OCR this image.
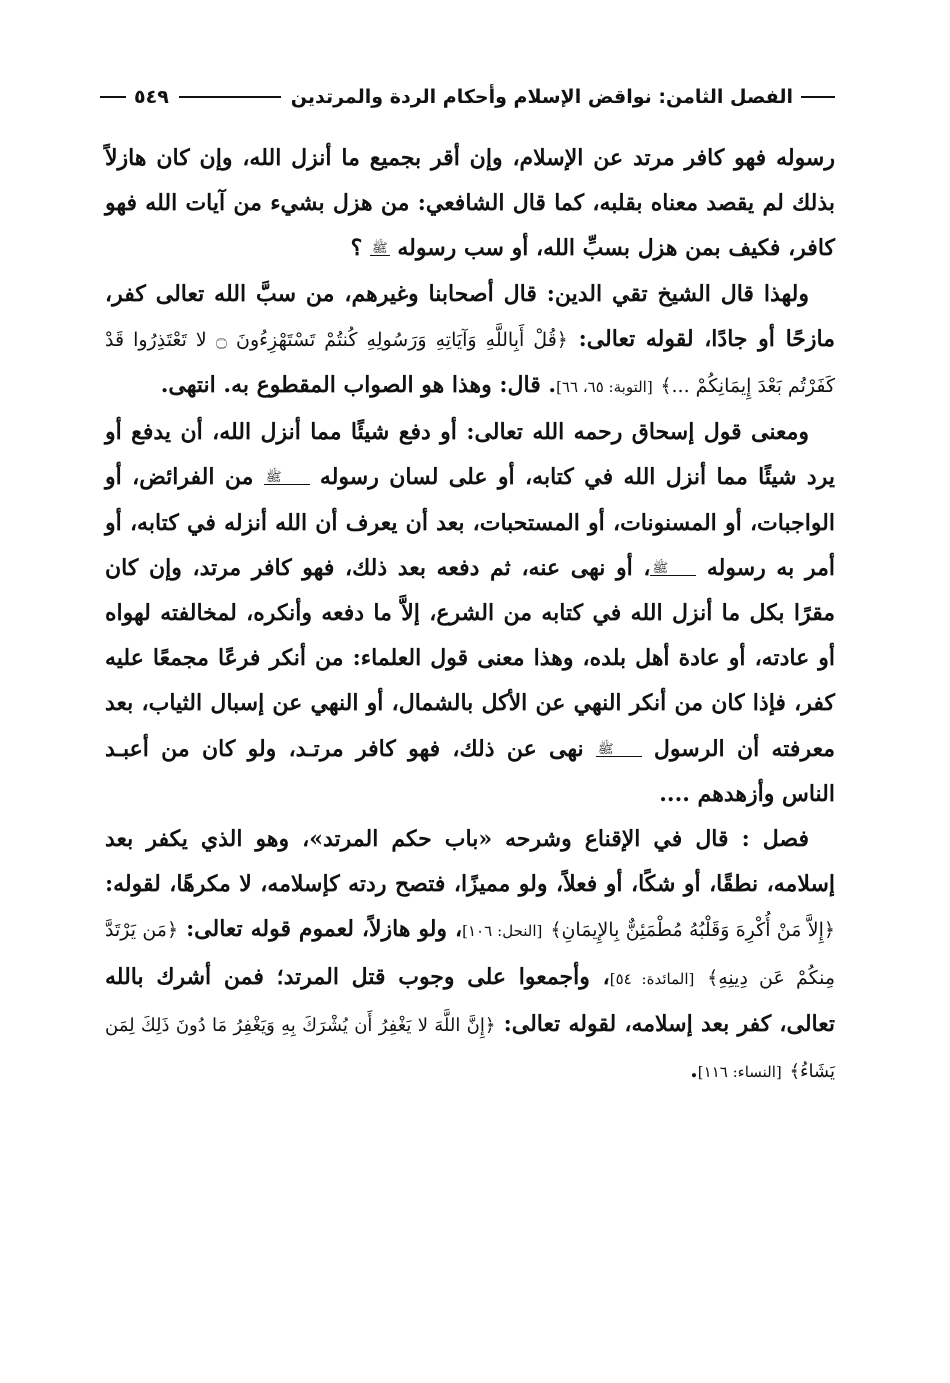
الفصل الثامن: نواقض الإسلام وأحكام الردة والمرتدين
٥٤٩

رسوله فهو كافر مرتد عن الإسلام، وإن أقر بجميع ما أنزل الله، وإن كان هازلاً بذلك لم يقصد معناه بقلبه، كما قال الشافعي: من هزل بشيء من آيات الله فهو كافر، فكيف بمن هزل بسبِّ الله، أو سب رسوله ﷺ ؟

ولهذا قال الشيخ تقي الدين: قال أصحابنا وغيرهم، من سبَّ الله تعالى كفر، مازحًا أو جادًا، لقوله تعالى: ﴿قُلْ أَبِاللَّهِ وَآيَاتِهِ وَرَسُولِهِ كُنتُمْ تَسْتَهْزِءُونَ ۝ لا تَعْتَذِرُوا قَدْ كَفَرْتُم بَعْدَ إِيمَانِكُمْ ...﴾ [التوبة: ٦٥، ٦٦]. قال: وهذا هو الصواب المقطوع به. انتهى.

ومعنى قول إسحاق رحمه الله تعالى: أو دفع شيئًا مما أنزل الله، أن يدفع أو يرد شيئًا مما أنزل الله في كتابه، أو على لسان رسوله ﷺ من الفرائض، أو الواجبات، أو المسنونات، أو المستحبات، بعد أن يعرف أن الله أنزله في كتابه، أو أمر به رسوله ﷺ، أو نهى عنه، ثم دفعه بعد ذلك، فهو كافر مرتد، وإن كان مقرًا بكل ما أنزل الله في كتابه من الشرع، إلاَّ ما دفعه وأنكره، لمخالفته لهواه أو عادته، أو عادة أهل بلده، وهذا معنى قول العلماء: من أنكر فرعًا مجمعًا عليه كفر، فإذا كان من أنكر النهي عن الأكل بالشمال، أو النهي عن إسبال الثياب، بعد معرفته أن الرسول ﷺ نهى عن ذلك، فهو كافر مرتـد، ولو كان من أعبـد الناس وأزهدهم ....

فصل : قال في الإقناع وشرحه «باب حكم المرتد»، وهو الذي يكفر بعد إسلامه، نطقًا، أو شكًا، أو فعلاً، ولو مميزًا، فتصح ردته كإسلامه، لا مكرهًا، لقوله: ﴿إِلاَّ مَنْ أُكْرِهَ وَقَلْبُهُ مُطْمَئِنٌّ بِالإِيمَانِ﴾ [النحل: ١٠٦]، ولو هازلاً، لعموم قوله تعالى: ﴿مَن يَرْتَدَّ مِنكُمْ عَن دِينِهِ﴾ [المائدة: ٥٤]، وأجمعوا على وجوب قتل المرتد؛ فمن أشرك بالله تعالى، كفر بعد إسلامه، لقوله تعالى: ﴿إِنَّ اللَّهَ لا يَغْفِرُ أَن يُشْرَكَ بِهِ وَيَغْفِرُ مَا دُونَ ذَلِكَ لِمَن يَشَاءُ﴾ [النساء: ١١٦].
